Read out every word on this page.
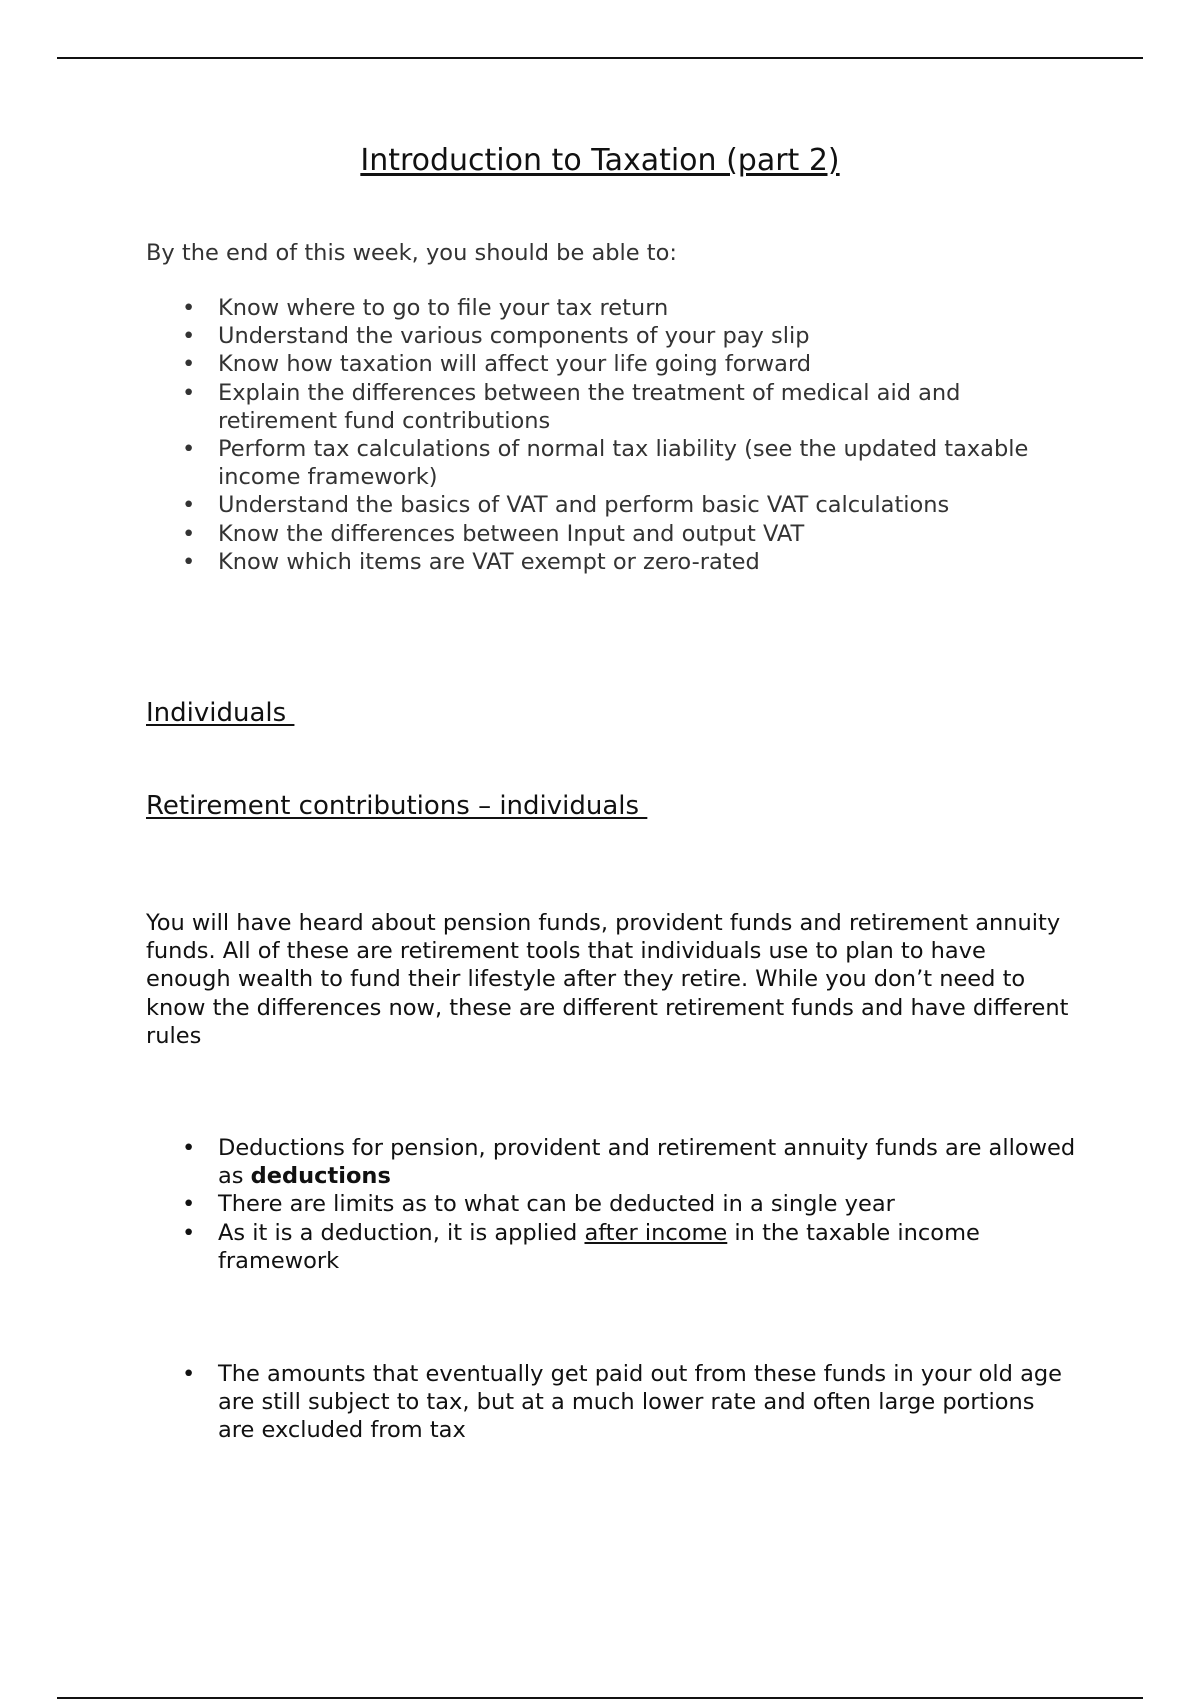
Introduction to Taxation (part 2)

By the end of this week, you should be able to:

• Know where to go to file your tax return
• Understand the various components of your pay slip
• Know how taxation will affect your life going forward
• Explain the differences between the treatment of medical aid and retirement fund contributions
• Perform tax calculations of normal tax liability (see the updated taxable income framework)
• Understand the basics of VAT and perform basic VAT calculations
• Know the differences between Input and output VAT
• Know which items are VAT exempt or zero-rated
Individuals
Retirement contributions – individuals

You will have heard about pension funds, provident funds and retirement annuity funds. All of these are retirement tools that individuals use to plan to have enough wealth to fund their lifestyle after they retire. While you don’t need to know the differences now, these are different retirement funds and have different rules

• Deductions for pension, provident and retirement annuity funds are allowed as deductions
• There are limits as to what can be deducted in a single year
• As it is a deduction, it is applied after income in the taxable income framework
• The amounts that eventually get paid out from these funds in your old age are still subject to tax, but at a much lower rate and often large portions are excluded from tax
